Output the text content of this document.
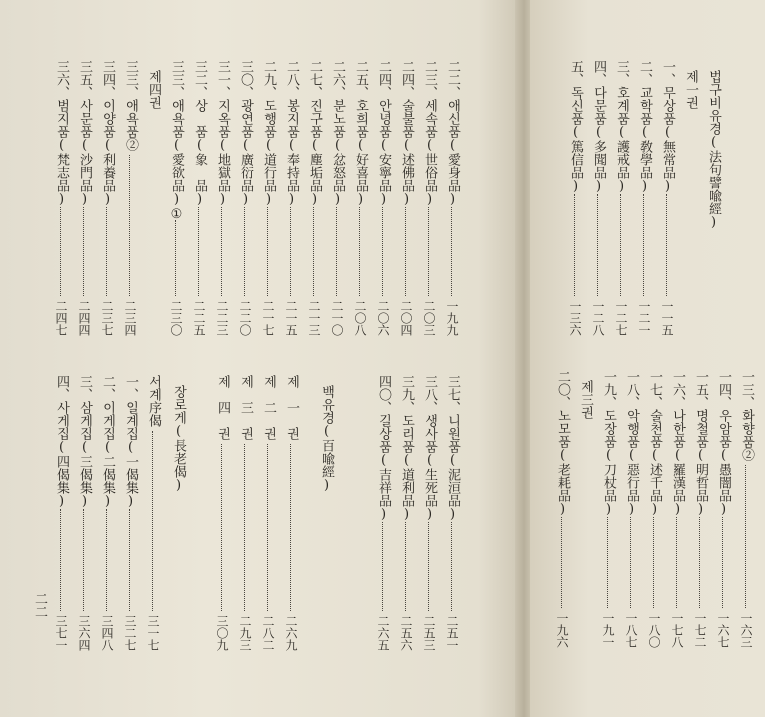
二二、애신품(愛身品)
一九九
二三、세속품(世俗品)
二〇三
二四、술불품(述佛品)
二〇四
二四、안녕품(安寧品)
二〇六
二五、호희품(好喜品)
二〇八
二六、분노품(忿怒品)
二一〇
二七、진구품(塵垢品)
二一三
二八、봉지품(奉持品)
二一五
二九、도행품(道行品)
二一七
三〇、광연품(廣衍品)
二二〇
三一、지옥품(地獄品)
二二三
三二、상　품(象　品)
二二五
三三、애욕품(愛欲品)①
二三〇
제四권
三三、애욕품②
二三四
三四、이양품(利養品)
二三七
三五、사문품(沙門品)
二四四
三六、범지품(梵志品)
二四七
三七、니원품(泥洹品)
二五一
三八、생사품(生死品)
二五三
三九、도리품(道利品)
二五六
四〇、길상품(吉祥品)
二六五
백유경(百喩經)
제　一　권
二六九
제　二　권
二八二
제　三　권
二九三
제　四　권
三〇九
장로게(長老偈)
서계序偈
三一七
一、일계집(一偈集)
三二七
二、이게집(二偈集)
三四八
三、삼게집(三偈集)
三六四
四、사게집(四偈集)
三七一
법구비유경(法句譬喩經)
제一권
一、무상품(無常品)
一一五
二、교학품(敎學品)
一二一
三、호계품(護戒品)
一二七
四、다문품(多聞品)
一二八
五、독신품(篤信品)
一三六
一三、화향품②
一六三
一四、우암품(愚闇品)
一六七
一五、명철품(明哲品)
一七二
一六、나한품(羅漢品)
一七八
一七、술천품(述千品)
一八〇
一八、악행품(惡行品)
一八七
一九、도장품(刀杖品)
一九一
제三권
二〇、노모품(老耗品)
一九六
二二
